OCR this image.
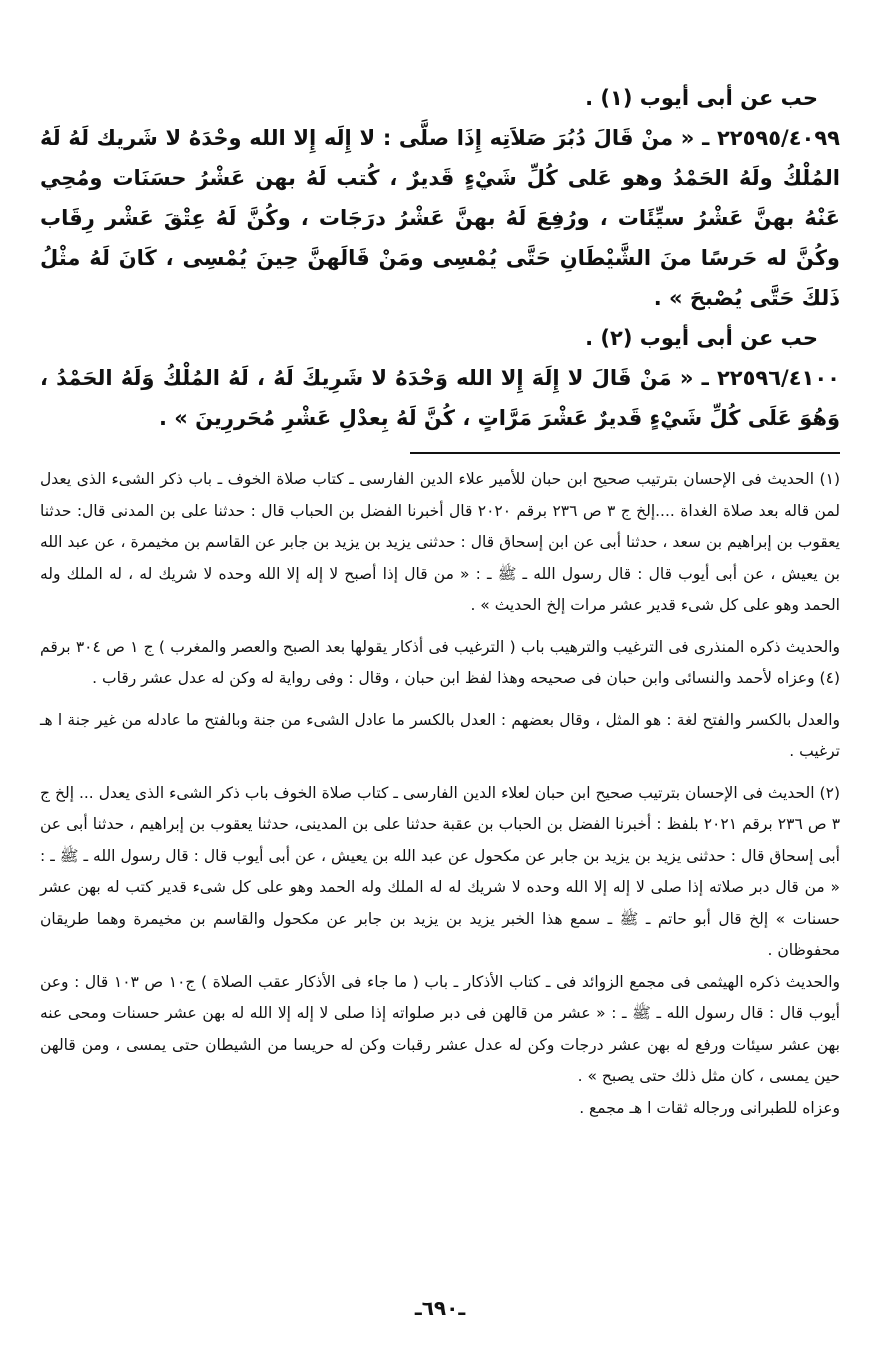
حب عن أبى أيوب (١) .

٢٢٥٩٥/٤٠٩٩ ـ « منْ قَالَ دُبُرَ صَلاَتِه إِذَا صلَّى : لا إِلَه إِلا الله وحْدَهُ لا شَريك لَهُ لَهُ المُلْكُ ولَهُ الحَمْدُ وهو عَلى كُلِّ شَيْءٍ قَديرٌ ، كُتب لَهُ بهن عَشْرُ حسَنَات ومُحِي عَنْهُ بهنَّ عَشْرُ سيِّئَات ، ورُفِعَ لَهُ بهنَّ عَشْرُ درَجَات ، وكُنَّ لَهُ عِتْقَ عَشْر رِقَاب وكُنَّ له حَرسًا منَ الشَّيْطَانِ حَتَّى يُمْسِى ومَنْ قَالَهنَّ حِينَ يُمْسِى ، كَانَ لَهُ مثْلُ ذَلكَ حَتَّى يُصْبحَ » .

حب عن أبى أيوب (٢) .

٢٢٥٩٦/٤١٠٠ ـ « مَنْ قَالَ لا إِلَهَ إِلا الله وَحْدَهُ لا شَرِيكَ لَهُ ، لَهُ المُلْكُ وَلَهُ الحَمْدُ ، وَهُوَ عَلَى كُلِّ شَيْءٍ قَديرٌ عَشْرَ مَرَّاتٍ ، كُنَّ لَهُ بِعدْلِ عَشْرِ مُحَررِينَ » .

(١) الحديث فى الإحسان بترتيب صحيح ابن حبان للأمير علاء الدين الفارسى ـ كتاب صلاة الخوف ـ باب ذكر الشىء الذى يعدل لمن قاله بعد صلاة الغداة ....إلخ ج ٣ ص ٢٣٦ برقم ٢٠٢٠ قال أخبرنا الفضل بن الحباب قال : حدثنا على بن المدنى قال: حدثنا يعقوب بن إبراهيم بن سعد ، حدثنا أبى عن ابن إسحاق قال : حدثنى يزيد بن يزيد بن جابر عن القاسم بن مخيمرة ، عن عبد الله بن يعيش ، عن أبى أيوب قال : قال رسول الله ـ ﷺ ـ : « من قال إذا أصبح لا إله إلا الله وحده لا شريك له ، له الملك وله الحمد وهو على كل شىء قدير عشر مرات إلخ الحديث » .

والحديث ذكره المنذرى فى الترغيب والترهيب باب ( الترغيب فى أذكار يقولها بعد الصبح والعصر والمغرب ) ج ١ ص ٣٠٤ برقم (٤) وعزاه لأحمد والنسائى وابن حبان فى صحيحه وهذا لفظ ابن حبان ، وقال : وفى رواية له وكن له عدل عشر رقاب .

والعدل بالكسر والفتح لغة : هو المثل ، وقال بعضهم : العدل بالكسر ما عادل الشىء من جنة وبالفتح ما عادله من غير جنة ا هـ ترغيب .

(٢) الحديث فى الإحسان بترتيب صحيح ابن حبان لعلاء الدين الفارسى ـ كتاب صلاة الخوف باب ذكر الشىء الذى يعدل ... إلخ ج ٣ ص ٢٣٦ برقم ٢٠٢١ بلفظ : أخبرنا الفضل بن الحباب بن عقبة حدثنا على بن المدينى، حدثنا يعقوب بن إبراهيم ، حدثنا أبى عن أبى إسحاق قال : حدثنى يزيد بن يزيد بن جابر عن مكحول عن عبد الله بن يعيش ، عن أبى أيوب قال : قال رسول الله ـ ﷺ ـ : « من قال دبر صلاته إذا صلى لا إله إلا الله وحده لا شريك له له الملك وله الحمد وهو على كل شىء قدير كتب له بهن عشر حسنات » إلخ قال أبو حاتم ـ ﷺ ـ سمع هذا الخبر يزيد بن يزيد بن جابر عن مكحول والقاسم بن مخيمرة وهما طريقان محفوظان .

والحديث ذكره الهيثمى فى مجمع الزوائد فى ـ كتاب الأذكار ـ باب ( ما جاء فى الأذكار عقب الصلاة ) ج١٠ ص ١٠٣ قال : وعن أيوب قال : قال رسول الله ـ ﷺ ـ : « عشر من قالهن فى دبر صلواته إذا صلى لا إله إلا الله له بهن عشر حسنات ومحى عنه بهن عشر سيئات ورفع له بهن عشر درجات وكن له عدل عشر رقبات وكن له حريسا من الشيطان حتى يمسى ، ومن قالهن حين يمسى ، كان مثل ذلك حتى يصبح » .

وعزاه للطبرانى ورجاله ثقات ا هـ مجمع .

ـ٦٩٠ـ
